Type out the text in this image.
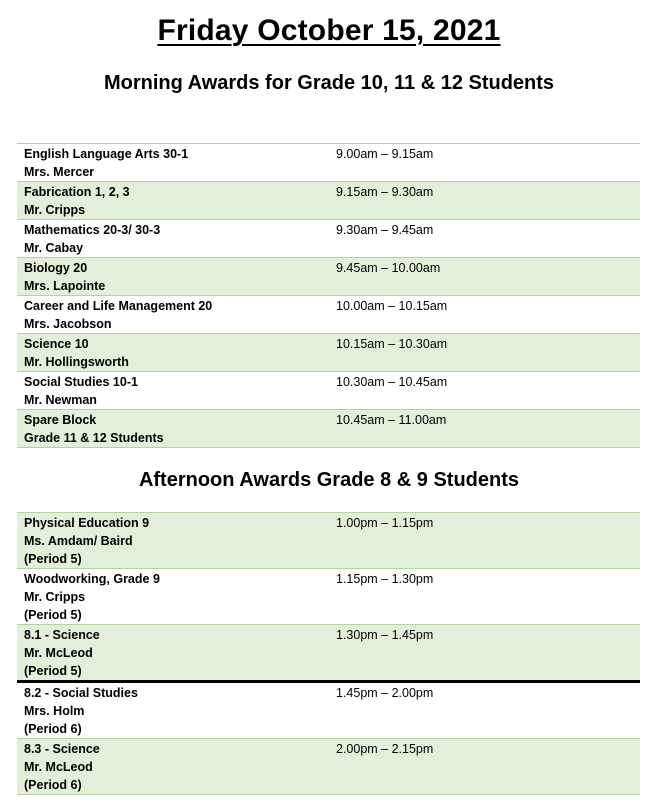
Friday October 15, 2021
Morning Awards for Grade 10, 11 & 12 Students
English Language Arts 30-1
Mrs. Mercer	9.00am – 9.15am

Fabrication 1, 2, 3
Mr. Cripps	9.15am – 9.30am

Mathematics 20-3/ 30-3
Mr. Cabay	9.30am – 9.45am

Biology 20
Mrs. Lapointe	9.45am – 10.00am

Career and Life Management 20
Mrs. Jacobson	10.00am – 10.15am

Science 10
Mr. Hollingsworth	10.15am – 10.30am

Social Studies 10-1
Mr. Newman	10.30am – 10.45am

Spare Block
Grade 11 & 12 Students	10.45am – 11.00am
Afternoon Awards Grade 8 & 9 Students
Physical Education 9
Ms. Amdam/ Baird
(Period 5)	1.00pm – 1.15pm

Woodworking, Grade 9
Mr. Cripps
(Period 5)	1.15pm – 1.30pm

8.1 - Science
Mr. McLeod
(Period 5)	1.30pm – 1.45pm

8.2 - Social Studies
Mrs. Holm
(Period 6)	1.45pm – 2.00pm

8.3 - Science
Mr. McLeod
(Period 6)	2.00pm – 2.15pm
